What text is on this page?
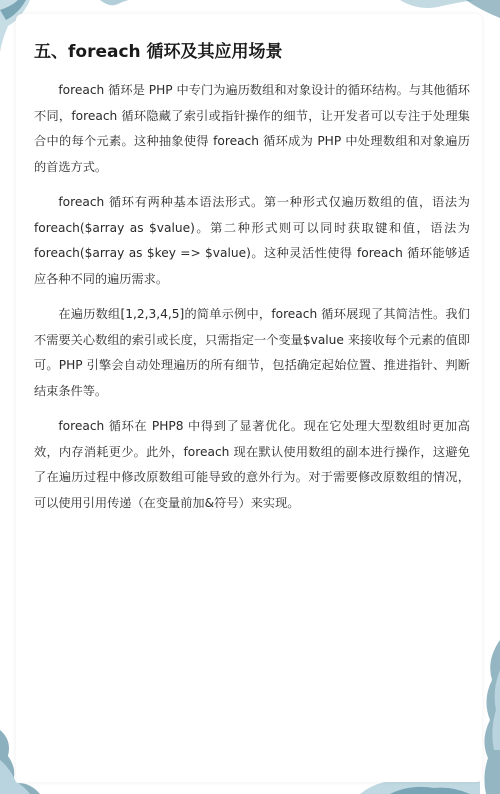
五、foreach 循环及其应用场景

foreach 循环是 PHP 中专门为遍历数组和对象设计的循环结构。与其他循环不同，foreach 循环隐藏了索引或指针操作的细节，让开发者可以专注于处理集合中的每个元素。这种抽象使得 foreach 循环成为 PHP 中处理数组和对象遍历的首选方式。

foreach 循环有两种基本语法形式。第一种形式仅遍历数组的值，语法为 foreach($array as $value)。第二种形式则可以同时获取键和值，语法为 foreach($array as $key => $value)。这种灵活性使得 foreach 循环能够适应各种不同的遍历需求。

在遍历数组[1,2,3,4,5]的简单示例中，foreach 循环展现了其简洁性。我们不需要关心数组的索引或长度，只需指定一个变量$value 来接收每个元素的值即可。PHP 引擎会自动处理遍历的所有细节，包括确定起始位置、推进指针、判断结束条件等。

foreach 循环在 PHP8 中得到了显著优化。现在它处理大型数组时更加高效，内存消耗更少。此外，foreach 现在默认使用数组的副本进行操作，这避免了在遍历过程中修改原数组可能导致的意外行为。对于需要修改原数组的情况，可以使用引用传递（在变量前加&符号）来实现。
